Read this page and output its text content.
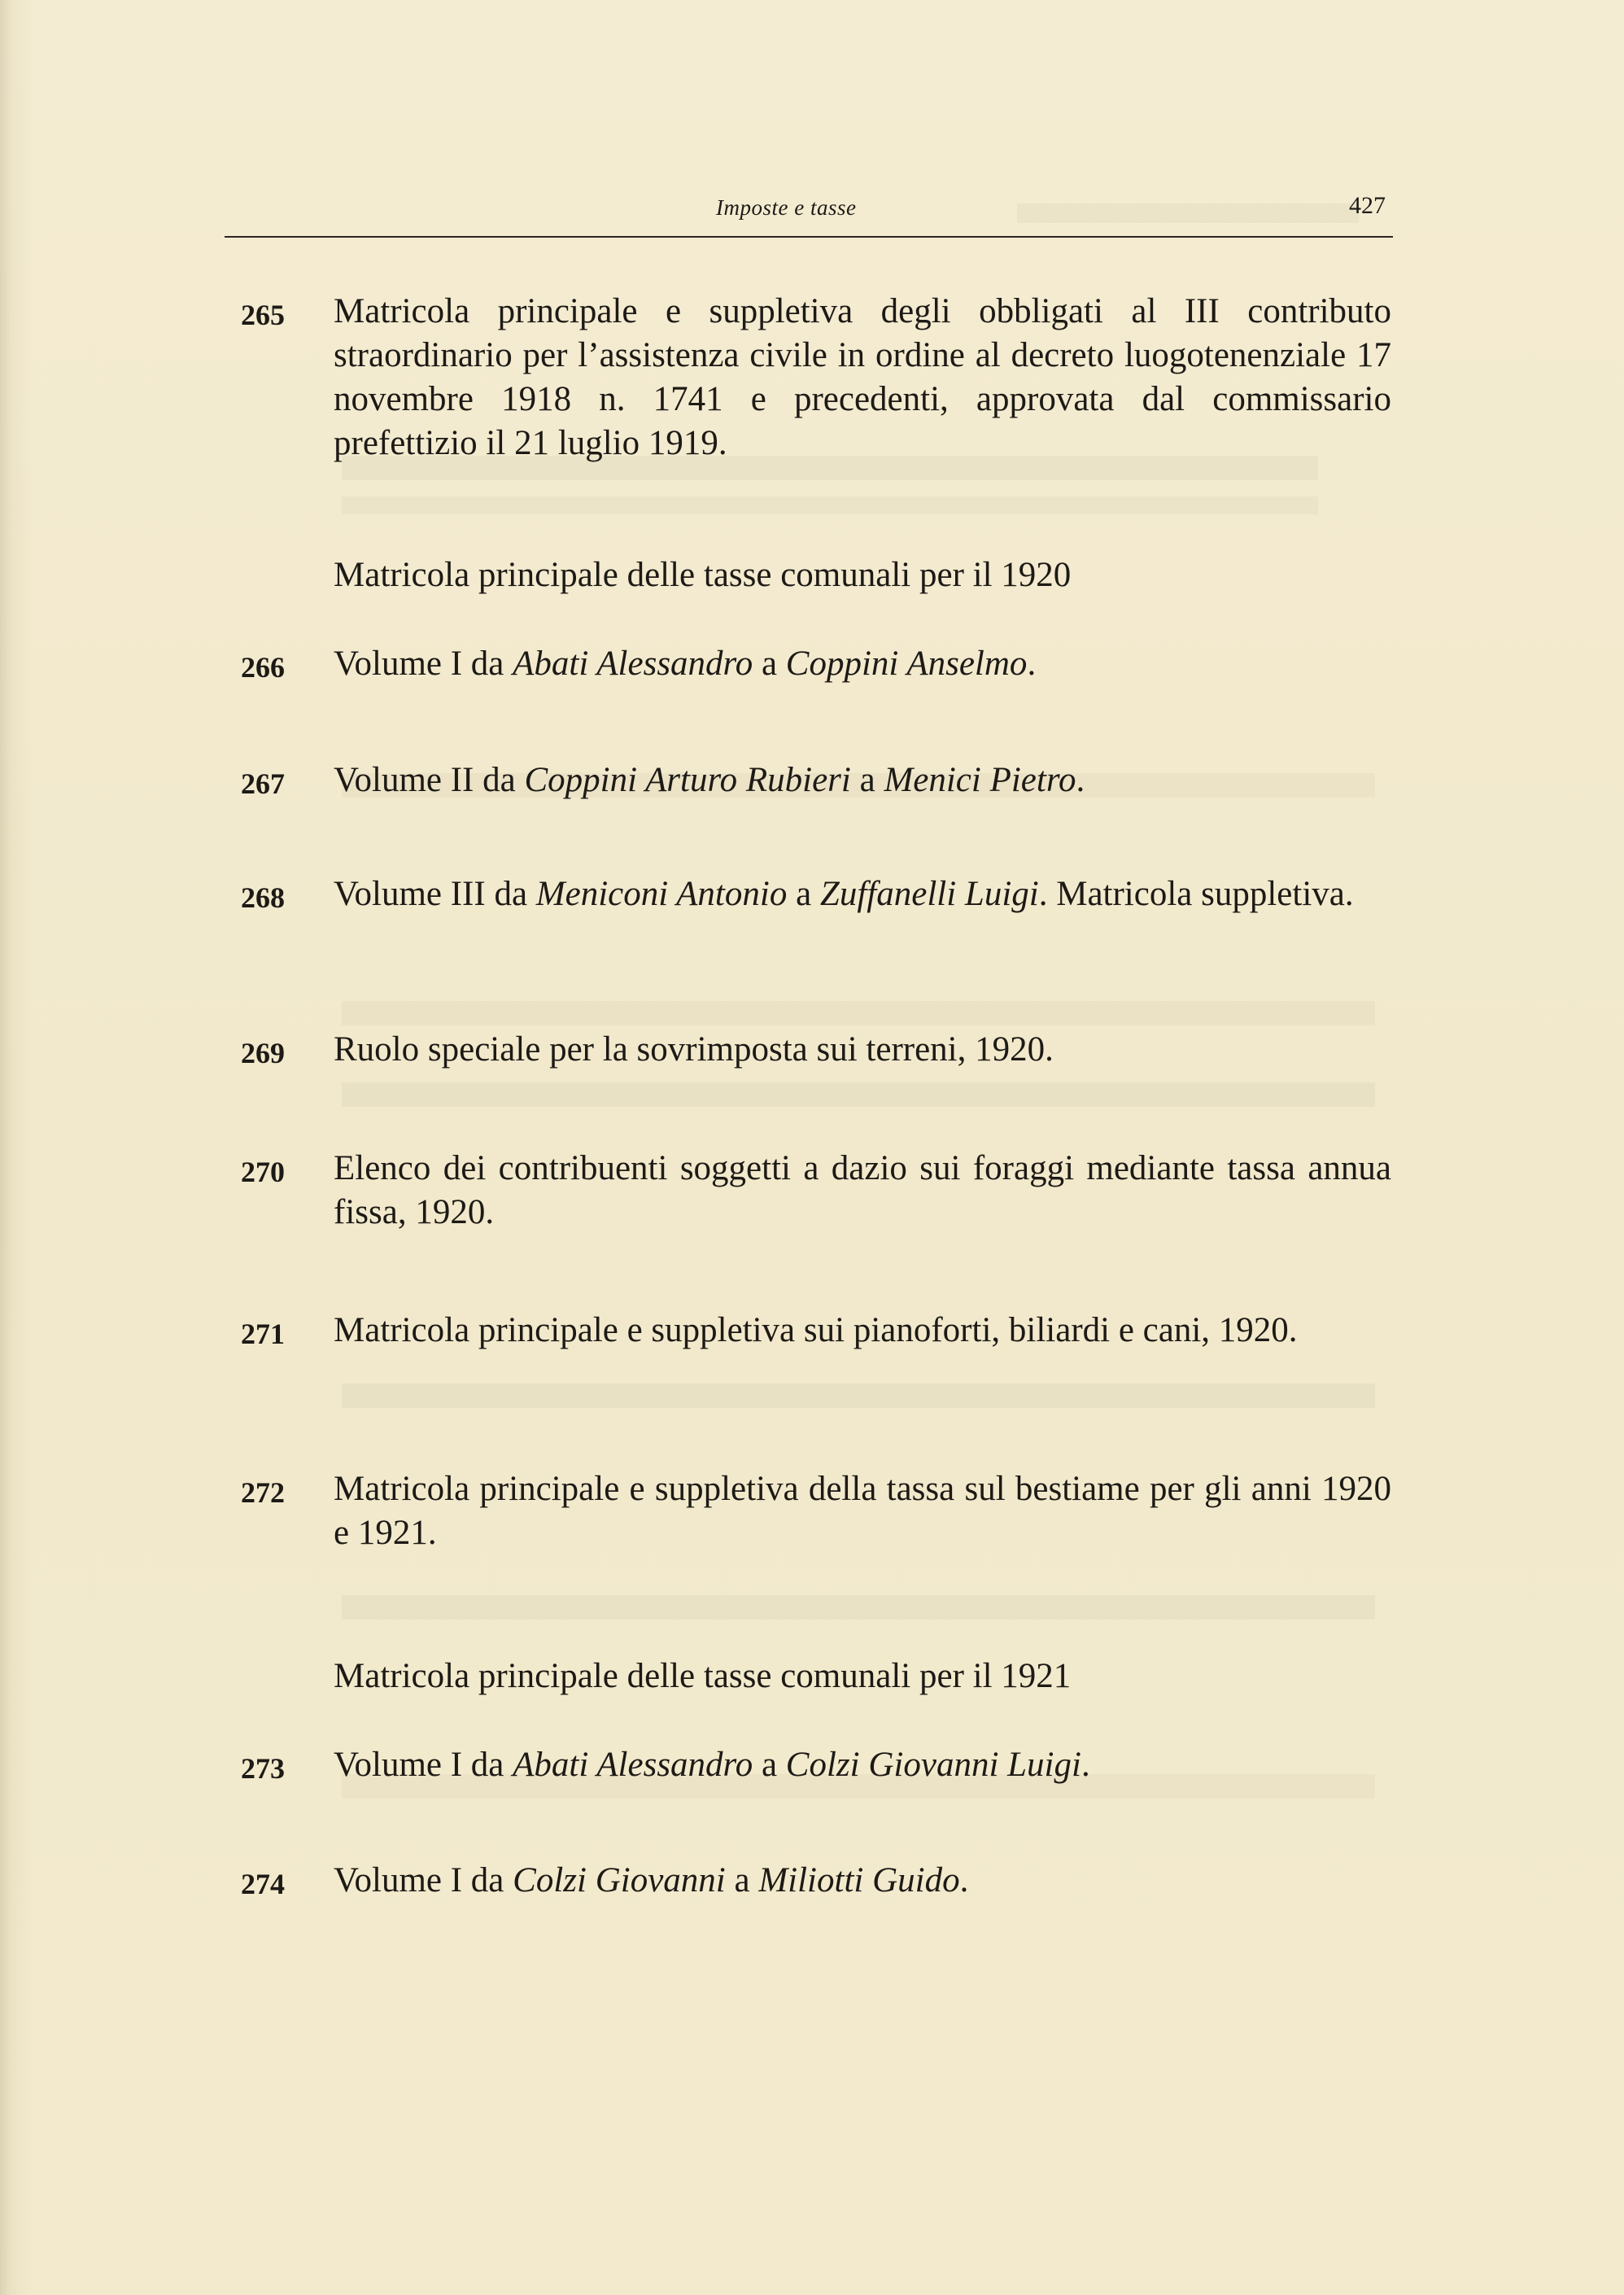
Imposte e tasse	427
265	Matricola principale e suppletiva degli obbligati al III contributo straordinario per l’assistenza civile in ordine al decreto luogotenenziale 17 novembre 1918 n. 1741 e precedenti, approvata dal commissario prefettizio il 21 luglio 1919.

Matricola principale delle tasse comunali per il 1920
266	Volume I da Abati Alessandro a Coppini Anselmo.

267	Volume II da Coppini Arturo Rubieri a Menici Pietro.

268	Volume III da Meniconi Antonio a Zuffanelli Luigi. Matricola suppletiva.

269	Ruolo speciale per la sovrimposta sui terreni, 1920.

270	Elenco dei contribuenti soggetti a dazio sui foraggi mediante tassa annua fissa, 1920.

271	Matricola principale e suppletiva sui pianoforti, biliardi e cani, 1920.

272	Matricola principale e suppletiva della tassa sul bestiame per gli anni 1920 e 1921.

Matricola principale delle tasse comunali per il 1921
273	Volume I da Abati Alessandro a Colzi Giovanni Luigi.

274	Volume I da Colzi Giovanni a Miliotti Guido.
